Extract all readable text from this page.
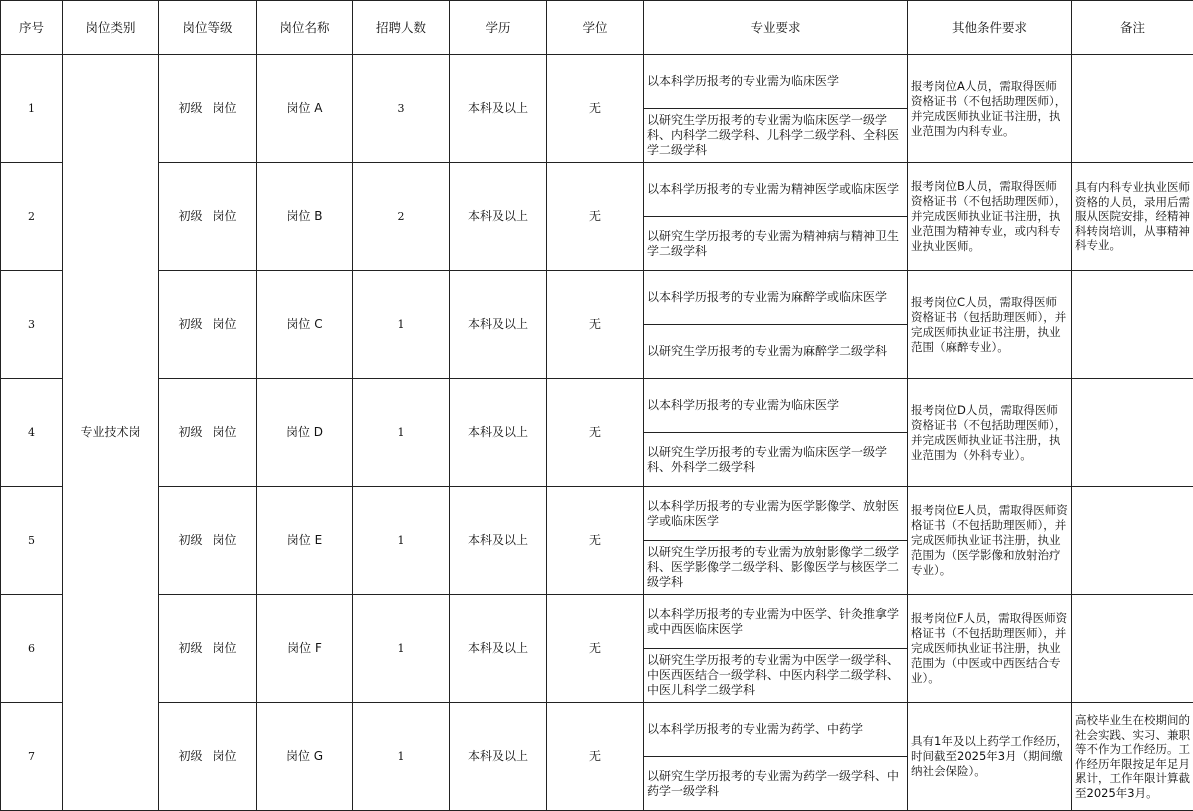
序号	岗位类别	岗位等级	岗位名称	招聘人数	学历	学位	专业要求	其他条件要求	备注
1	专业技术岗	初级 岗位	岗位 A	3	本科及以上	无	以本科学历报考的专业需为临床医学	报考岗位A人员，需取得医师资格证书（不包括助理医师），并完成医师执业证书注册，执业范围为内科专业。	
							以研究生学历报考的专业需为临床医学一级学科、内科学二级学科、儿科学二级学科、全科医学二级学科		
2		初级 岗位	岗位 B	2	本科及以上	无	以本科学历报考的专业需为精神医学或临床医学	报考岗位B人员，需取得医师资格证书（不包括助理医师），并完成医师执业证书注册，执业范围为精神专业，或内科专业执业医师。	具有内科专业执业医师资格的人员，录用后需服从医院安排，经精神科转岗培训，从事精神科专业。
							以研究生学历报考的专业需为精神病与精神卫生学二级学科		
3		初级 岗位	岗位 C	1	本科及以上	无	以本科学历报考的专业需为麻醉学或临床医学	报考岗位C人员，需取得医师资格证书（包括助理医师），并完成医师执业证书注册，执业范围（麻醉专业）。	
							以研究生学历报考的专业需为麻醉学二级学科		
4		初级 岗位	岗位 D	1	本科及以上	无	以本科学历报考的专业需为临床医学	报考岗位D人员，需取得医师资格证书（不包括助理医师），并完成医师执业证书注册，执业范围为（外科专业）。	
							以研究生学历报考的专业需为临床医学一级学科、外科学二级学科		
5		初级 岗位	岗位 E	1	本科及以上	无	以本科学历报考的专业需为医学影像学、放射医学或临床医学	报考岗位E人员，需取得医师资格证书（不包括助理医师），并完成医师执业证书注册，执业范围为（医学影像和放射治疗专业）。	
							以研究生学历报考的专业需为放射影像学二级学科、医学影像学二级学科、影像医学与核医学二级学科		
6		初级 岗位	岗位 F	1	本科及以上	无	以本科学历报考的专业需为中医学、针灸推拿学或中西医临床医学	报考岗位F人员，需取得医师资格证书（不包括助理医师），并完成医师执业证书注册，执业范围为（中医或中西医结合专业）。	
							以研究生学历报考的专业需为中医学一级学科、中医西医结合一级学科、中医内科学二级学科、中医儿科学二级学科		
7		初级 岗位	岗位 G	1	本科及以上	无	以本科学历报考的专业需为药学、中药学	具有1年及以上药学工作经历，时间截至2025年3月（期间缴纳社会保险）。	高校毕业生在校期间的社会实践、实习、兼职等不作为工作经历。工作经历年限按足年足月累计，工作年限计算截至2025年3月。
							以研究生学历报考的专业需为药学一级学科、中药学一级学科		
